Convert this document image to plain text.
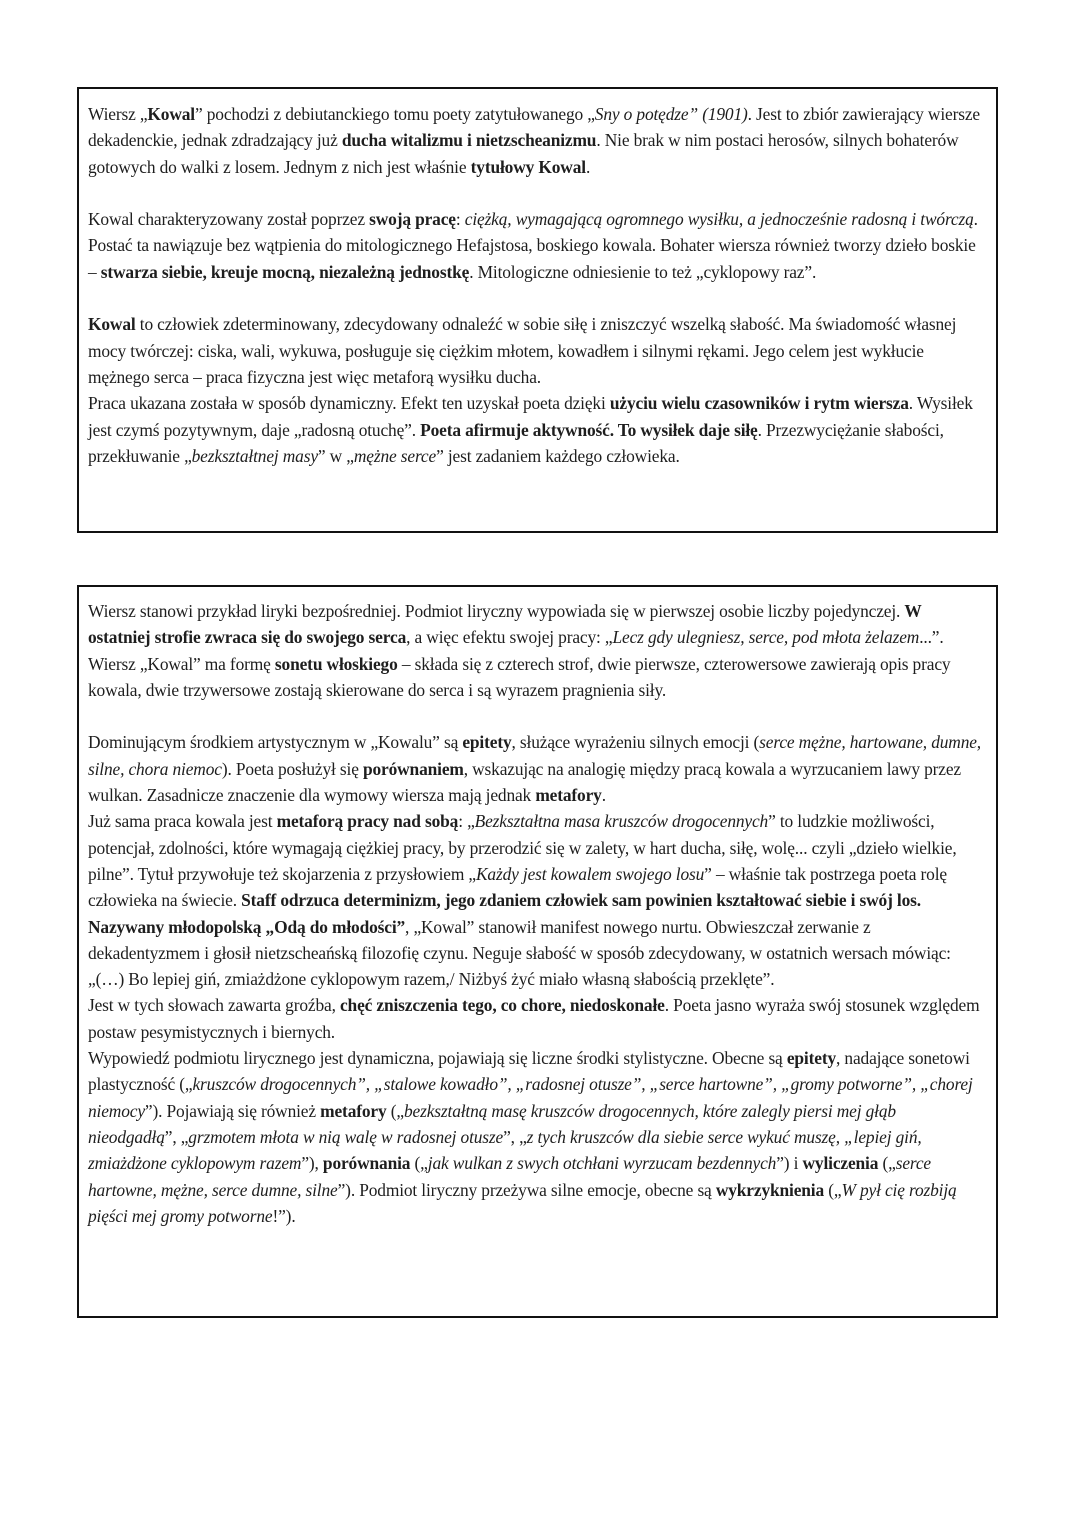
Wiersz „Kowal” pochodzi z debiutanckiego tomu poety zatytułowanego „Sny o potędze” (1901). Jest to zbiór zawierający wiersze dekadenckie, jednak zdradzający już ducha witalizmu i nietzscheanizmu. Nie brak w nim postaci herosów, silnych bohaterów gotowych do walki z losem. Jednym z nich jest właśnie tytułowy Kowal.

Kowal charakteryzowany został poprzez swoją pracę: ciężką, wymagającą ogromnego wysiłku, a jednocześnie radosną i twórczą. Postać ta nawiązuje bez wątpienia do mitologicznego Hefajstosa, boskiego kowala. Bohater wiersza również tworzy dzieło boskie – stwarza siebie, kreuje mocną, niezależną jednostkę. Mitologiczne odniesienie to też „cyklopowy raz”.

Kowal to człowiek zdeterminowany, zdecydowany odnaleźć w sobie siłę i zniszczyć wszelką słabość. Ma świadomość własnej mocy twórczej: ciska, wali, wykuwa, posługuje się ciężkim młotem, kowadłem i silnymi rękami. Jego celem jest wykłucie mężnego serca – praca fizyczna jest więc metaforą wysiłku ducha.

Praca ukazana została w sposób dynamiczny. Efekt ten uzyskał poeta dzięki użyciu wielu czasowników i rytm wiersza. Wysiłek jest czymś pozytywnym, daje „radosną otuchę”. Poeta afirmuje aktywność. To wysiłek daje siłę. Przezwyciężanie słabości, przekłuwanie „bezkształtnej masy” w „mężne serce” jest zadaniem każdego człowieka.

Wiersz stanowi przykład liryki bezpośredniej. Podmiot liryczny wypowiada się w pierwszej osobie liczby pojedynczej. W ostatniej strofie zwraca się do swojego serca, a więc efektu swojej pracy: „Lecz gdy ulegniesz, serce, pod młota żelazem...”. Wiersz „Kowal” ma formę sonetu włoskiego – składa się z czterech strof, dwie pierwsze, czterowersowe zawierają opis pracy kowala, dwie trzywersowe zostają skierowane do serca i są wyrazem pragnienia siły.

Dominującym środkiem artystycznym w „Kowalu” są epitety, służące wyrażeniu silnych emocji (serce mężne, hartowane, dumne, silne, chora niemoc). Poeta posłużył się porównaniem, wskazując na analogię między pracą kowala a wyrzucaniem lawy przez wulkan. Zasadnicze znaczenie dla wymowy wiersza mają jednak metafory.

Już sama praca kowala jest metaforą pracy nad sobą: „Bezkształtna masa kruszców drogocennych” to ludzkie możliwości, potencjał, zdolności, które wymagają ciężkiej pracy, by przerodzić się w zalety, w hart ducha, siłę, wolę... czyli „dzieło wielkie, pilne”. Tytuł przywołuje też skojarzenia z przysłowiem „Każdy jest kowalem swojego losu” – właśnie tak postrzega poeta rolę człowieka na świecie. Staff odrzuca determinizm, jego zdaniem człowiek sam powinien kształtować siebie i swój los. Nazywany młodopolską „Odą do młodości”, „Kowal” stanowił manifest nowego nurtu. Obwieszczał zerwanie z dekadentyzmem i głosił nietzscheańską filozofię czynu. Neguje słabość w sposób zdecydowany, w ostatnich wersach mówiąc: „(…) Bo lepiej giń, zmiażdżone cyklopowym razem,/ Niżbyś żyć miało własną słabością przeklęte”.

Jest w tych słowach zawarta groźba, chęć zniszczenia tego, co chore, niedoskonałe. Poeta jasno wyraża swój stosunek względem postaw pesymistycznych i biernych.

Wypowiedź podmiotu lirycznego jest dynamiczna, pojawiają się liczne środki stylistyczne. Obecne są epitety, nadające sonetowi plastyczność („kruszców drogocennych”, „stalowe kowadło”, „radosnej otusze”, „serce hartowne”, „gromy potworne”, „chorej niemocy”). Pojawiają się również metafory („bezkształtną masę kruszców drogocennych, które zalegly piersi mej głąb nieodgadłą”, „grzmotem młota w nią walę w radosnej otusze”, „z tych kruszców dla siebie serce wykuć muszę, „lepiej giń, zmiażdżone cyklopowym razem”), porównania („jak wulkan z swych otchłani wyrzucam bezdennych”) i wyliczenia („serce hartowne, mężne, serce dumne, silne”). Podmiot liryczny przeżywa silne emocje, obecne są wykrzyknienia („W pył cię rozbiją pięści mej gromy potworne!”).
